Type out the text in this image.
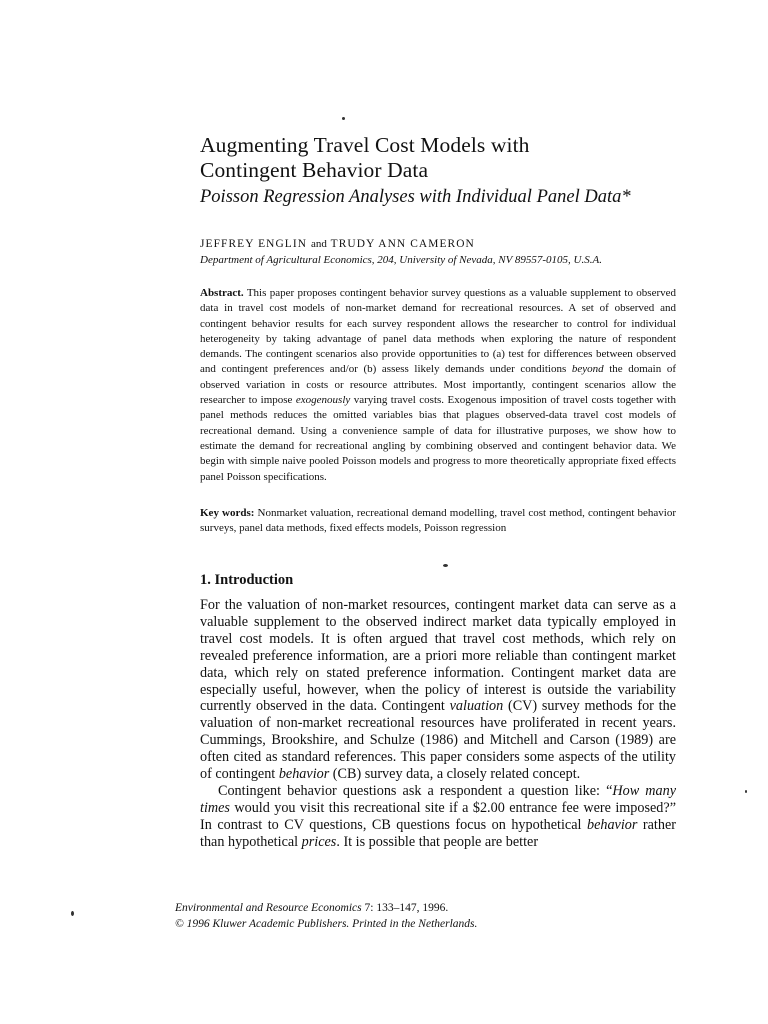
Augmenting Travel Cost Models with
Contingent Behavior Data
Poisson Regression Analyses with Individual Panel Data*
JEFFREY ENGLIN and TRUDY ANN CAMERON
Department of Agricultural Economics, 204, University of Nevada, NV 89557-0105, U.S.A.

Abstract. This paper proposes contingent behavior survey questions as a valuable supplement to observed data in travel cost models of non-market demand for recreational resources. A set of observed and contingent behavior results for each survey respondent allows the researcher to control for individual heterogeneity by taking advantage of panel data methods when exploring the nature of respondent demands. The contingent scenarios also provide opportunities to (a) test for differences between observed and contingent preferences and/or (b) assess likely demands under conditions beyond the domain of observed variation in costs or resource attributes. Most importantly, contingent scenarios allow the researcher to impose exogenously varying travel costs. Exogenous imposition of travel costs together with panel methods reduces the omitted variables bias that plagues observed-data travel cost models of recreational demand. Using a convenience sample of data for illustrative purposes, we show how to estimate the demand for recreational angling by combining observed and contingent behavior data. We begin with simple naive pooled Poisson models and progress to more theoretically appropriate fixed effects panel Poisson specifications.

Key words: Nonmarket valuation, recreational demand modelling, travel cost method, contingent behavior surveys, panel data methods, fixed effects models, Poisson regression

1. Introduction

For the valuation of non-market resources, contingent market data can serve as a valuable supplement to the observed indirect market data typically employed in travel cost models. It is often argued that travel cost methods, which rely on revealed preference information, are a priori more reliable than contingent market data, which rely on stated preference information. Contingent market data are especially useful, however, when the policy of interest is outside the variability currently observed in the data. Contingent valuation (CV) survey methods for the valuation of non-market recreational resources have proliferated in recent years. Cummings, Brookshire, and Schulze (1986) and Mitchell and Carson (1989) are often cited as standard references. This paper considers some aspects of the utility of contingent behavior (CB) survey data, a closely related concept.

Contingent behavior questions ask a respondent a question like: “How many times would you visit this recreational site if a $2.00 entrance fee were imposed?” In contrast to CV questions, CB questions focus on hypothetical behavior rather than hypothetical prices. It is possible that people are better

Environmental and Resource Economics 7: 133–147, 1996.
© 1996 Kluwer Academic Publishers. Printed in the Netherlands.
